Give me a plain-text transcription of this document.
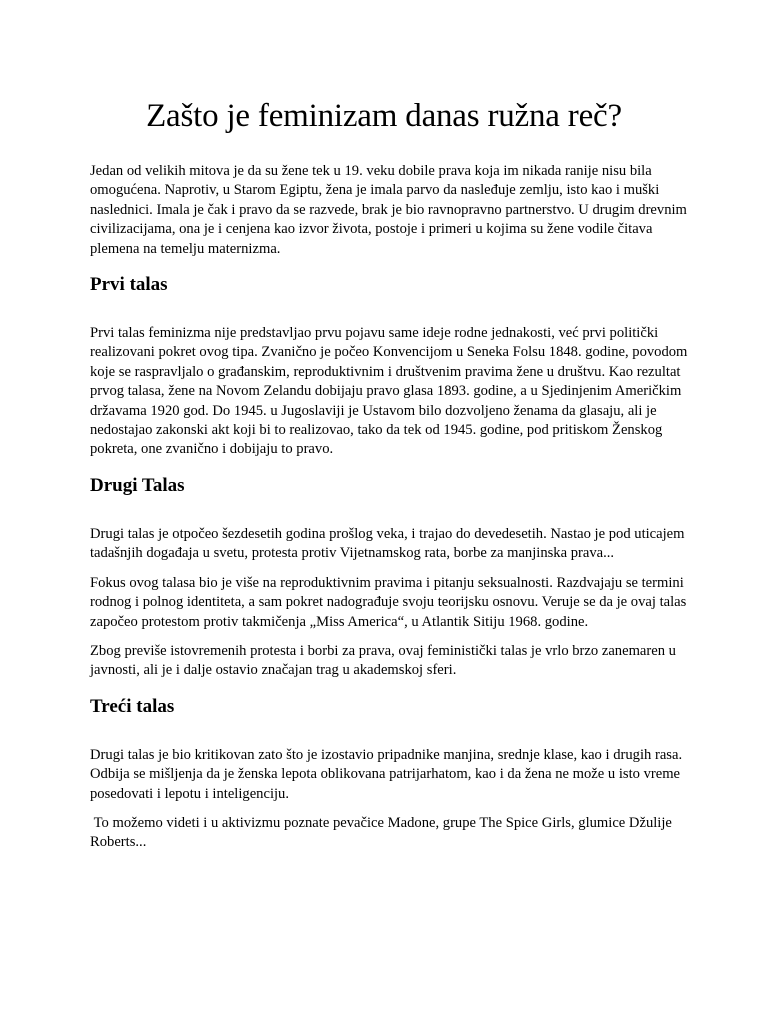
Zašto je feminizam danas ružna reč?

Jedan od velikih mitova je da su žene tek u 19. veku dobile prava koja im nikada ranije nisu bila omogućena. Naprotiv, u Starom Egiptu, žena je imala parvo da nasleđuje zemlju, isto kao i muški naslednici. Imala je čak i pravo da se razvede, brak je bio ravnopravno partnerstvo. U drugim drevnim civilizacijama, ona je i cenjena kao izvor života, postoje i primeri u kojima su žene vodile čitava plemena na temelju maternizma.

Prvi talas

Prvi talas feminizma nije predstavljao prvu pojavu same ideje rodne jednakosti, već prvi politički realizovani pokret ovog tipa. Zvanično je počeo Konvencijom u Seneka Folsu 1848. godine, povodom koje se raspravljalo o građanskim, reproduktivnim i društvenim pravima žene u društvu. Kao rezultat prvog talasa, žene na Novom Zelandu dobijaju pravo glasa 1893. godine, a u Sjedinjenim Američkim državama 1920 god. Do 1945. u Jugoslaviji je Ustavom bilo dozvoljeno ženama da glasaju, ali je nedostajao zakonski akt koji bi to realizovao, tako da tek od 1945. godine, pod pritiskom Ženskog pokreta, one zvanično i dobijaju to pravo.

Drugi Talas

Drugi talas je otpočeo šezdesetih godina prošlog veka, i trajao do devedesetih. Nastao je pod uticajem tadašnjih događaja u svetu, protesta protiv Vijetnamskog rata, borbe za manjinska prava...

Fokus ovog talasa bio je više na reproduktivnim pravima i pitanju seksualnosti. Razdvajaju se termini rodnog i polnog identiteta, a sam pokret nadograđuje svoju teorijsku osnovu. Veruje se da je ovaj talas započeo protestom protiv takmičenja „Miss America“, u Atlantik Sitiju 1968. godine.

Zbog previše istovremenih protesta i borbi za prava, ovaj feministički talas je vrlo brzo zanemaren u javnosti, ali je i dalje ostavio značajan trag u akademskoj sferi.

Treći talas

Drugi talas je bio kritikovan zato što je izostavio pripadnike manjina, srednje klase, kao i drugih rasa. Odbija se mišljenja da je ženska lepota oblikovana patrijarhatom, kao i da žena ne može u isto vreme posedovati i lepotu i inteligenciju.

To možemo videti i u aktivizmu poznate pevačice Madone, grupe The Spice Girls, glumice Džulije Roberts...
